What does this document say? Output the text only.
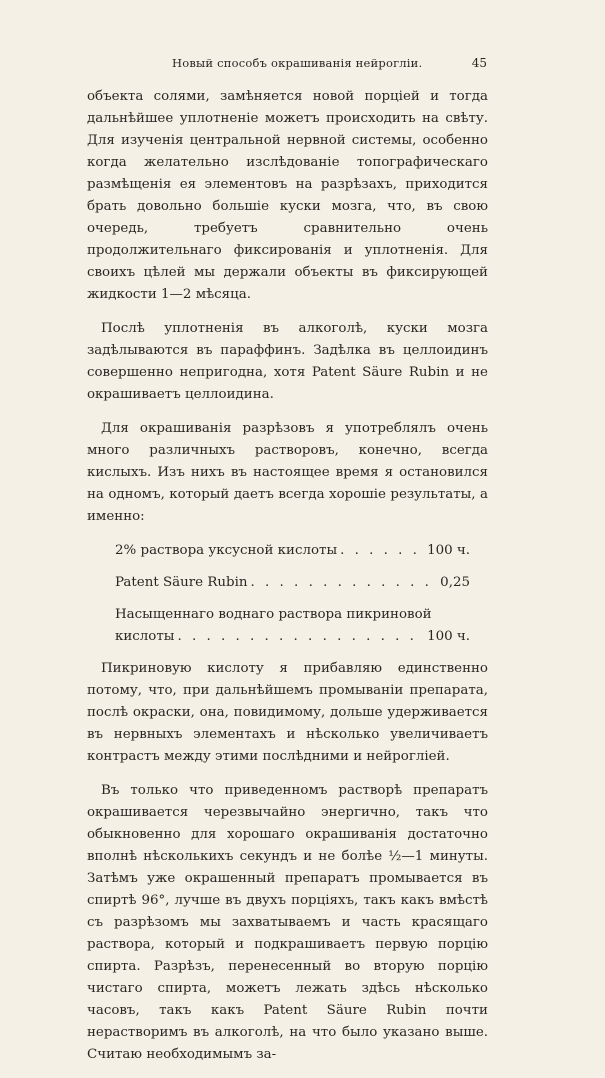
Новый способъ окрашиванія нейрогліи.	45

объекта солями, замѣняется новой порціей и тогда дальнѣйшее уплотненіе можетъ происходить на свѣту. Для изученія центральной нервной системы, особенно когда желательно изслѣдованіе топографическаго размѣщенія ея элементовъ на разрѣзахъ, приходится брать довольно большіе куски мозга, что, въ свою очередь, требуетъ сравнительно очень продолжительнаго фиксированія и уплотненія. Для своихъ цѣлей мы держали объекты въ фиксирующей жидкости 1—2 мѣсяца.

Послѣ уплотненія въ алкоголѣ, куски мозга задѣлываются въ параффинъ. Задѣлка въ целлоидинъ совершенно непригодна, хотя Patent Säure Rubin и не окрашиваетъ целлоидина.

Для окрашиванія разрѣзовъ я употреблялъ очень много различныхъ растворовъ, конечно, всегда кислыхъ. Изъ нихъ въ настоящее время я остановился на одномъ, который даетъ всегда хорошіе результаты, а именно:

2% раствора уксусной кислоты . . .	100 ч.
Patent Säure Rubin . . .	0,25
Насыщеннаго воднаго раствора пикриновой
кислоты . . .	100 ч.

Пикриновую кислоту я прибавляю единственно потому, что, при дальнѣйшемъ промываніи препарата, послѣ окраски, она, повидимому, дольше удерживается въ нервныхъ элементахъ и нѣсколько увеличиваетъ контрастъ между этими послѣдними и нейрогліей.

Въ только что приведенномъ растворѣ препаратъ окрашивается черезвычайно энергично, такъ что обыкновенно для хорошаго окрашиванія достаточно вполнѣ нѣсколькихъ секундъ и не болѣе ½—1 минуты. Затѣмъ уже окрашенный препаратъ промывается въ спиртѣ 96°, лучше въ двухъ порціяхъ, такъ какъ вмѣстѣ съ разрѣзомъ мы захватываемъ и часть красящаго раствора, который и подкрашиваетъ первую порцію спирта. Разрѣзъ, перенесенный во вторую порцію чистаго спирта, можетъ лежать здѣсь нѣсколько часовъ, такъ какъ Patent Säure Rubin почти нерастворимъ въ алкоголѣ, на что было указано выше. Считаю необходимымъ за-
